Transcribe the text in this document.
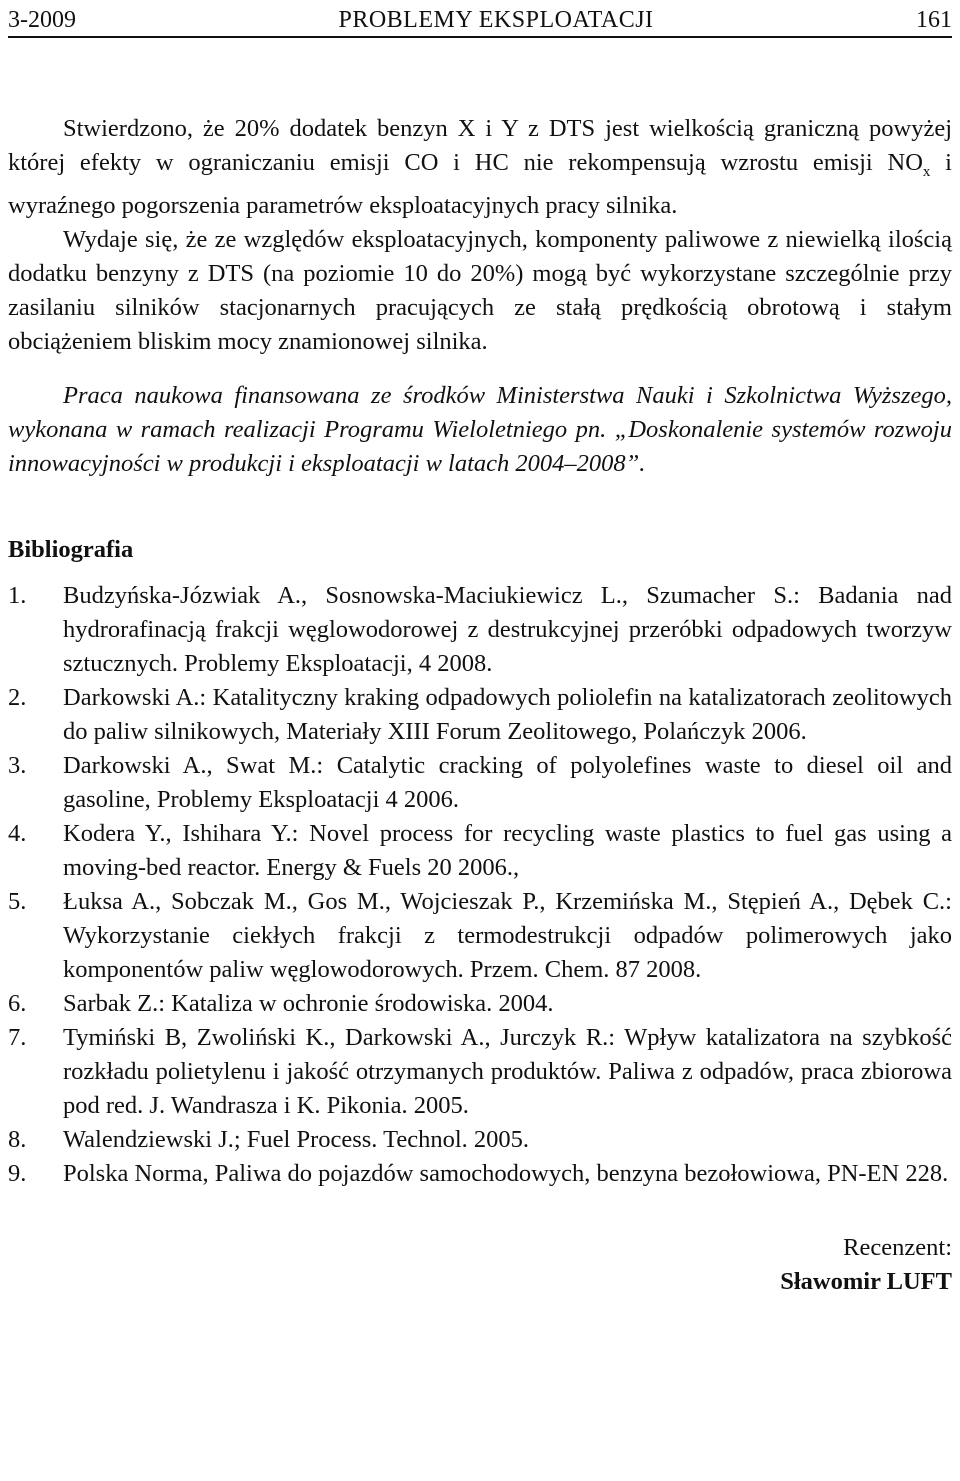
3-2009	PROBLEMY EKSPLOATACJI	161

Stwierdzono, że 20% dodatek benzyn X i Y z DTS jest wielkością graniczną powyżej której efekty w ograniczaniu emisji CO i HC nie rekompensują wzrostu emisji $NO_x$ i wyraźnego pogorszenia parametrów eksploatacyjnych pracy silnika.

Wydaje się, że ze względów eksploatacyjnych, komponenty paliwowe z niewielką ilością dodatku benzyny z DTS (na poziomie 10 do 20%) mogą być wykorzystane szczególnie przy zasilaniu silników stacjonarnych pracujących ze stałą prędkością obrotową i stałym obciążeniem bliskim mocy znamionowej silnika.

Praca naukowa finansowana ze środków Ministerstwa Nauki i Szkolnictwa Wyższego, wykonana w ramach realizacji Programu Wieloletniego pn. „Doskonalenie systemów rozwoju innowacyjności w produkcji i eksploatacji w latach 2004–2008”.

Bibliografia
1. Budzyńska-Józwiak A., Sosnowska-Maciukiewicz L., Szumacher S.: Badania nad hydrorafinacją frakcji węglowodorowej z destrukcyjnej przeróbki odpadowych tworzyw sztucznych. Problemy Eksploatacji, 4 2008.
2. Darkowski A.: Katalityczny kraking odpadowych poliolefin na katalizatorach zeolitowych do paliw silnikowych, Materiały XIII Forum Zeolitowego, Polańczyk 2006.
3. Darkowski A., Swat M.: Catalytic cracking of polyolefines waste to diesel oil and gasoline, Problemy Eksploatacji 4 2006.
4. Kodera Y., Ishihara Y.: Novel process for recycling waste plastics to fuel gas using a moving-bed reactor. Energy & Fuels 20 2006.,
5. Łuksa A., Sobczak M., Gos M., Wojcieszak P., Krzemińska M., Stępień A., Dębek C.: Wykorzystanie ciekłych frakcji z termodestrukcji odpadów polimerowych jako komponentów paliw węglowodorowych. Przem. Chem. 87 2008.
6. Sarbak Z.: Kataliza w ochronie środowiska. 2004.
7. Tymiński B, Zwoliński K., Darkowski A., Jurczyk R.: Wpływ katalizatora na szybkość rozkładu polietylenu i jakość otrzymanych produktów. Paliwa z odpadów, praca zbiorowa pod red. J. Wandrasza i K. Pikonia. 2005.
8. Walendziewski J.; Fuel Process. Technol. 2005.
9. Polska Norma, Paliwa do pojazdów samochodowych, benzyna bezołowiowa, PN-EN 228.
Recenzent:
Sławomir LUFT
